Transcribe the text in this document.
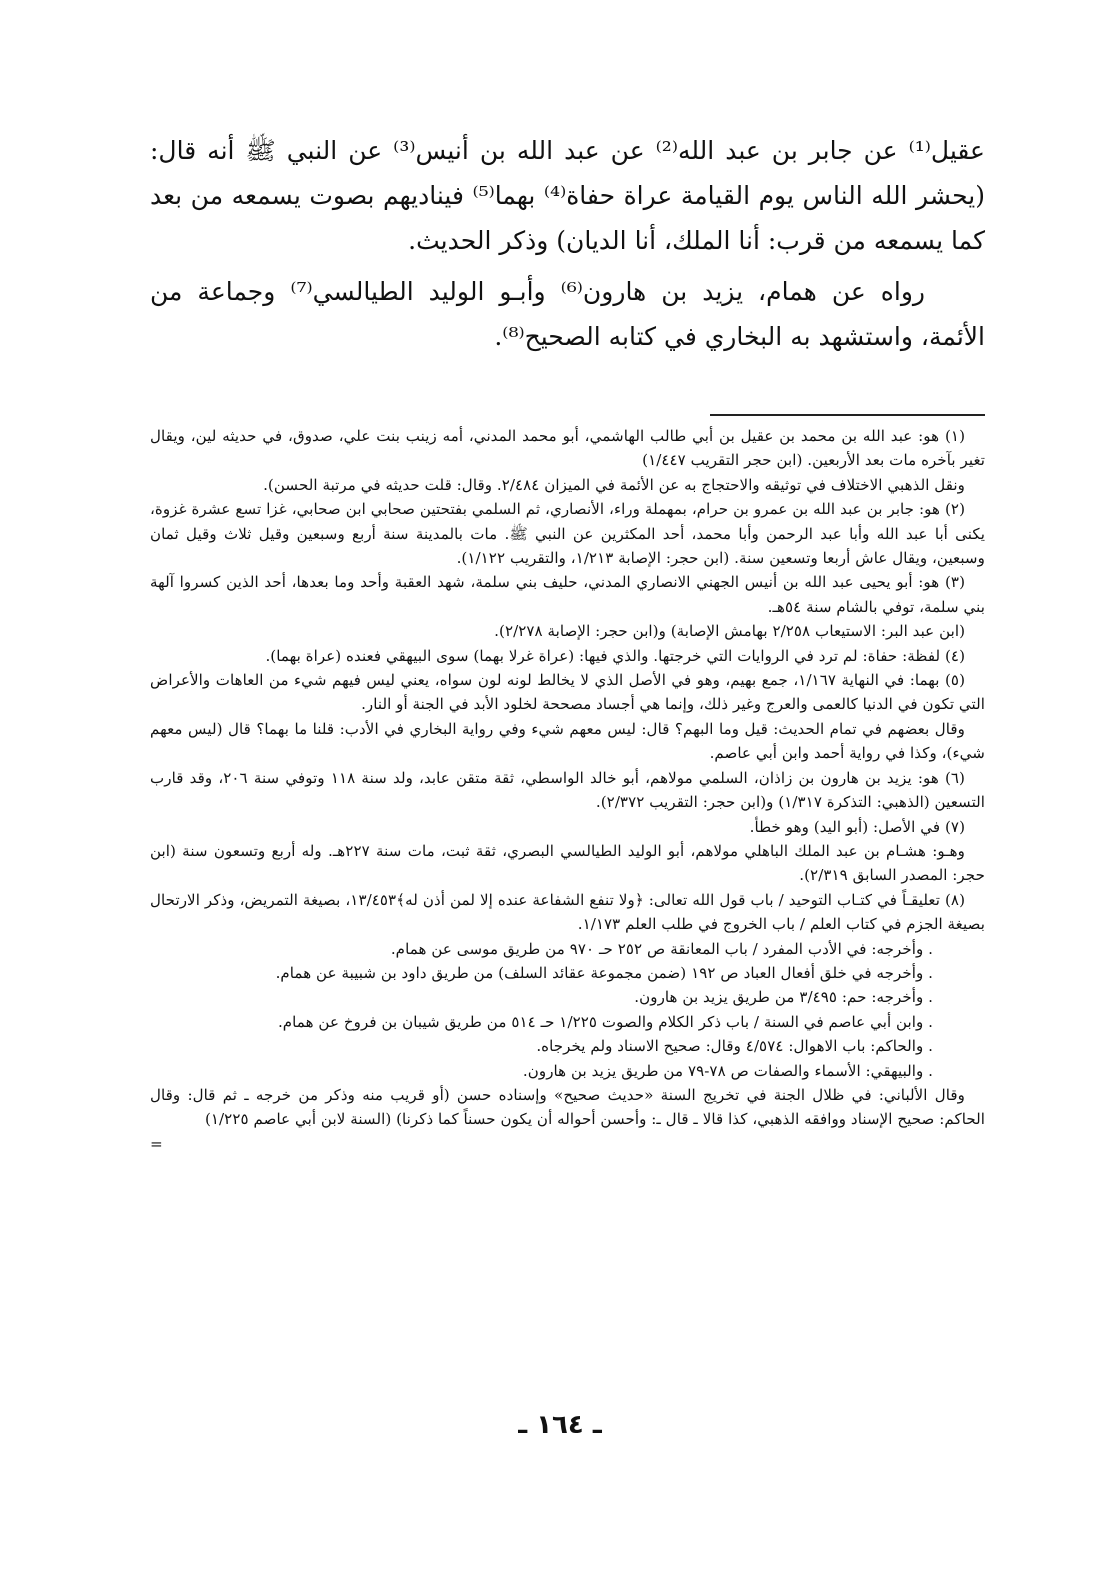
عقيل⁽¹⁾ عن جابر بن عبد الله⁽²⁾ عن عبد الله بن أنيس⁽³⁾ عن النبي ﷺ أنه قال: (يحشر الله الناس يوم القيامة عراة حفاة⁽⁴⁾ بهما⁽⁵⁾ فيناديهم بصوت يسمعه من بعد كما يسمعه من قرب: أنا الملك، أنا الديان) وذكر الحديث.

رواه عن همام، يزيد بن هارون⁽⁶⁾ وأبـو الوليد الطيالسي⁽⁷⁾ وجماعة من الأئمة، واستشهد به البخاري في كتابه الصحيح⁽⁸⁾.

(١) هو: عبد الله بن محمد بن عقيل بن أبي طالب الهاشمي، أبو محمد المدني، أمه زينب بنت علي، صدوق، في حديثه لين، ويقال تغير بآخره مات بعد الأربعين. (ابن حجر التقريب ١/٤٤٧)

ونقل الذهبي الاختلاف في توثيقه والاحتجاج به عن الأئمة في الميزان ٢/٤٨٤. وقال: قلت حديثه في مرتبة الحسن).

(٢) هو: جابر بن عبد الله بن عمرو بن حرام، بمهملة وراء، الأنصاري، ثم السلمي بفتحتين صحابي ابن صحابي، غزا تسع عشرة غزوة، يكنى أبا عبد الله وأبا عبد الرحمن وأبا محمد، أحد المكثرين عن النبي ﷺ. مات بالمدينة سنة أربع وسبعين وقيل ثلاث وقيل ثمان وسبعين، ويقال عاش أربعا وتسعين سنة. (ابن حجر: الإصابة ١/٢١٣، والتقريب ١/١٢٢).

(٣) هو: أبو يحيى عبد الله بن أنيس الجهني الانصاري المدني، حليف بني سلمة، شهد العقبة وأحد وما بعدها، أحد الذين كسروا آلهة بني سلمة، توفي بالشام سنة ٥٤هـ.

(ابن عبد البر: الاستيعاب ٢/٢٥٨ بهامش الإصابة) و(ابن حجر: الإصابة ٢/٢٧٨).

(٤) لفظة: حفاة: لم ترد في الروايات التي خرجتها. والذي فيها: (عراة غرلا بهما) سوى البيهقي فعنده (عراة بهما).

(٥) بهما: في النهاية ١/١٦٧، جمع بهيم، وهو في الأصل الذي لا يخالط لونه لون سواه، يعني ليس فيهم شيء من العاهات والأعراض التي تكون في الدنيا كالعمى والعرج وغير ذلك، وإنما هي أجساد مصححة لخلود الأبد في الجنة أو النار.

وقال بعضهم في تمام الحديث: قيل وما البهم؟ قال: ليس معهم شيء وفي رواية البخاري في الأدب: قلنا ما بهما؟ قال (ليس معهم شيء)، وكذا في رواية أحمد وابن أبي عاصم.

(٦) هو: يزيد بن هارون بن زاذان، السلمي مولاهم، أبو خالد الواسطي، ثقة متقن عابد، ولد سنة ١١٨ وتوفي سنة ٢٠٦، وقد قارب التسعين (الذهبي: التذكرة ١/٣١٧) و(ابن حجر: التقريب ٢/٣٧٢).

(٧) في الأصل: (أبو اليد) وهو خطأ.

وهـو: هشـام بن عبد الملك الباهلي مولاهم، أبو الوليد الطيالسي البصري، ثقة ثبت، مات سنة ٢٢٧هـ. وله أربع وتسعون سنة (ابن حجر: المصدر السابق ٢/٣١٩).

(٨) تعليقـاً في كتـاب التوحيد / باب قول الله تعالى: ﴿ولا تنفع الشفاعة عنده إلا لمن أذن له﴾١٣/٤٥٣، بصيغة التمريض، وذكر الارتحال بصيغة الجزم في كتاب العلم / باب الخروج في طلب العلم ١/١٧٣.

. وأخرجه: في الأدب المفرد / باب المعانقة ص ٢٥٢ حـ ٩٧٠ من طريق موسى عن همام.

. وأخرجه في خلق أفعال العباد ص ١٩٢ (ضمن مجموعة عقائد السلف) من طريق داود بن شبيبة عن همام.

. وأخرجه: حم: ٣/٤٩٥ من طريق يزيد بن هارون.

. وابن أبي عاصم في السنة / باب ذكر الكلام والصوت ١/٢٢٥ حـ ٥١٤ من طريق شيبان بن فروخ عن همام.

. والحاكم: باب الاهوال: ٤/٥٧٤ وقال: صحيح الاسناد ولم يخرجاه.

. والبيهقي: الأسماء والصفات ص ٧٨-٧٩ من طريق يزيد بن هارون.

وقال الألباني: في ظلال الجنة في تخريج السنة «حديث صحيح» وإسناده حسن (أو قريب منه وذكر من خرجه ـ ثم قال: وقال الحاكم: صحيح الإسناد ووافقه الذهبي، كذا قالا ـ قال ـ: وأحسن أحواله أن يكون حسناً كما ذكرنا) (السنة لابن أبي عاصم ١/٢٢٥)

=

ـ ١٦٤ ـ
